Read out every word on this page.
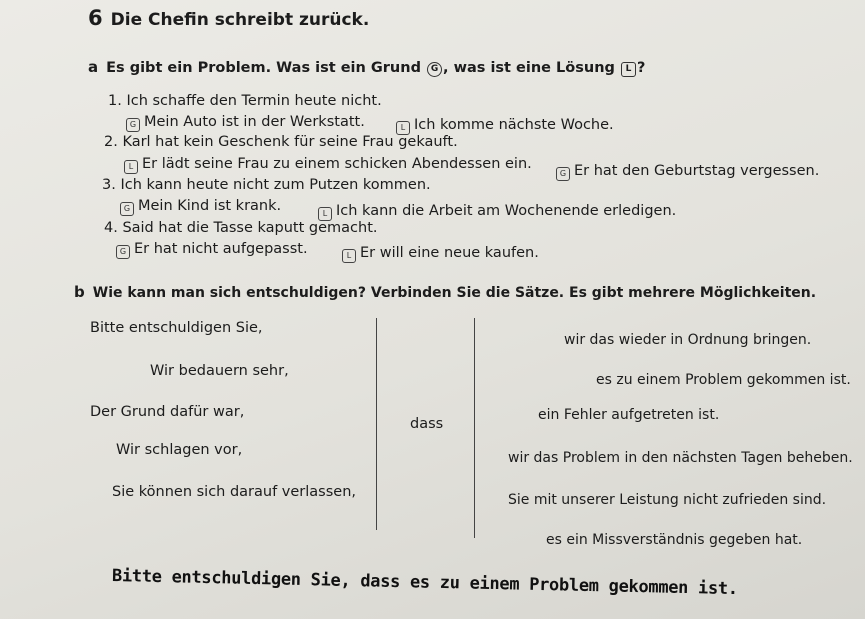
6 Die Chefin schreibt zurück.
a Es gibt ein Problem. Was ist ein Grund G , was ist eine Lösung L ?
1. Ich schaffe den Termin heute nicht.
G Mein Auto ist in der Werkstatt.	L Ich komme nächste Woche.
2. Karl hat kein Geschenk für seine Frau gekauft.
L Er lädt seine Frau zu einem schicken Abendessen ein.
G Er hat den Geburtstag vergessen.
3. Ich kann heute nicht zum Putzen kommen.
G Mein Kind ist krank.	L Ich kann die Arbeit am Wochenende erledigen.
4. Said hat die Tasse kaputt gemacht.
G Er hat nicht aufgepasst.	L Er will eine neue kaufen.
b Wie kann man sich entschuldigen? Verbinden Sie die Sätze. Es gibt mehrere Möglichkeiten.
Bitte entschuldigen Sie,
Wir bedauern sehr,
Der Grund dafür war,
Wir schlagen vor,
Sie können sich darauf verlassen,
dass
wir das wieder in Ordnung bringen.
es zu einem Problem gekommen ist.
ein Fehler aufgetreten ist.
wir das Problem in den nächsten Tagen beheben.
Sie mit unserer Leistung nicht zufrieden sind.
es ein Missverständnis gegeben hat.
Bitte entschuldigen Sie, dass es zu einem Problem gekommen ist.
